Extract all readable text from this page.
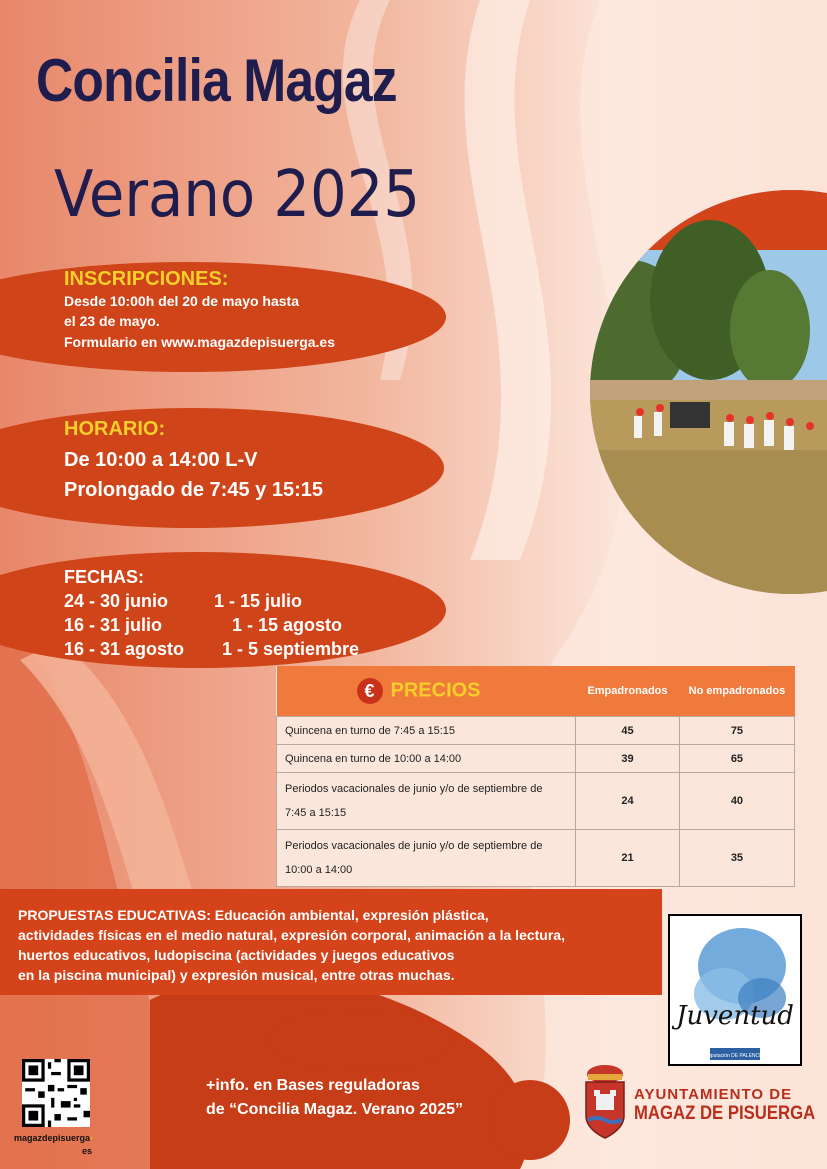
Concilia Magaz
Verano 2025
INSCRIPCIONES:
Desde 10:00h del 20 de mayo hasta
el 23 de mayo.
Formulario en www.magazdepisuerga.es
HORARIO:
De 10:00 a 14:00 L-V
Prolongado de 7:45 y 15:15
FECHAS:
24 - 30 junio	1 - 15 julio
16 - 31 julio	1 - 15 agosto
16 - 31 agosto 1 - 5 septiembre
€ PRECIOS	Empadronados	No empadronados
Quincena en turno de 7:45 a 15:15	45	75
Quincena en turno de 10:00 a 14:00	39	65

Periodos vacacionales de junio y/o de septiembre de
7:45 a 15:15	24	40

Periodos vacacionales de junio y/o de septiembre de
10:00 a 14:00	21	35
PROPUESTAS EDUCATIVAS: Educación ambiental, expresión plástica,
actividades físicas en el medio natural, expresión corporal, animación a la lectura,
huertos educativos, ludopiscina (actividades y juegos educativos
en la piscina municipal) y expresión musical, entre otras muchas.
Juventud
Diputación DE PALENCIA
+info. en Bases reguladoras
de “Concilia Magaz. Verano 2025”
magazdepisuerga•
es
AYUNTAMIENTO DE
MAGAZ DE PISUERGA
